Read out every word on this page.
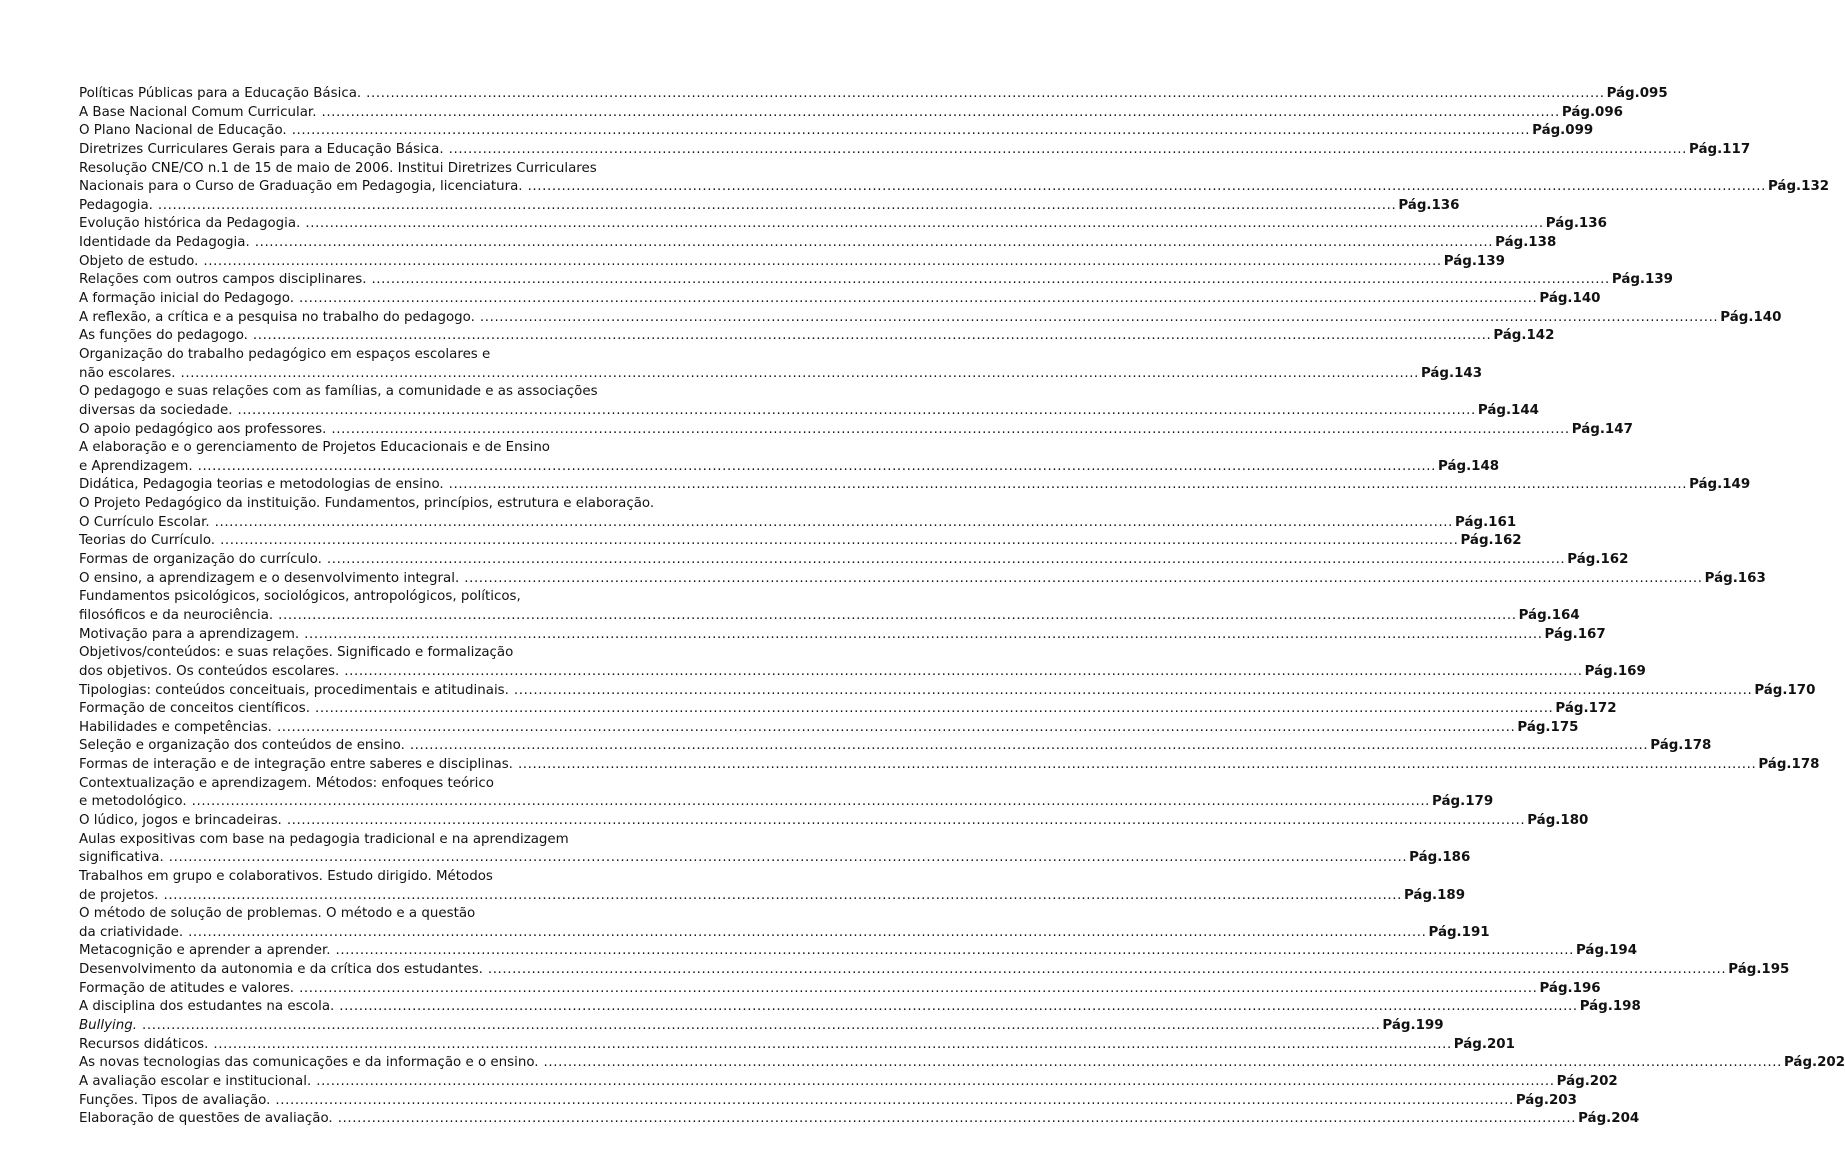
Políticas Públicas para a Educação Básica. .....	Pág.095
A Base Nacional Comum Curricular. .....	Pág.096
O Plano Nacional de Educação. .....	Pág.099
Diretrizes Curriculares Gerais para a Educação Básica. .....	Pág.117
Resolução CNE/CO n.1 de 15 de maio de 2006. Institui Diretrizes Curriculares
Nacionais para o Curso de Graduação em Pedagogia, licenciatura. .....	Pág.132
Pedagogia. .....	Pág.136
Evolução histórica da Pedagogia. .....	Pág.136
Identidade da Pedagogia. .....	Pág.138
Objeto de estudo. .....	Pág.139
Relações com outros campos disciplinares. .....	Pág.139
A formação inicial do Pedagogo. .....	Pág.140
A reflexão, a crítica e a pesquisa no trabalho do pedagogo. .....	Pág.140
As funções do pedagogo. .....	Pág.142
Organização do trabalho pedagógico em espaços escolares e
não escolares. .....	Pág.143
O pedagogo e suas relações com as famílias, a comunidade e as associações
diversas da sociedade. .....	Pág.144
O apoio pedagógico aos professores. .....	Pág.147
A elaboração e o gerenciamento de Projetos Educacionais e de Ensino
e Aprendizagem. .....	Pág.148
Didática, Pedagogia teorias e metodologias de ensino. .....	Pág.149
O Projeto Pedagógico da instituição. Fundamentos, princípios, estrutura e elaboração.
O Currículo Escolar. .....	Pág.161
Teorias do Currículo. .....	Pág.162
Formas de organização do currículo. .....	Pág.162
O ensino, a aprendizagem e o desenvolvimento integral. .....	Pág.163
Fundamentos psicológicos, sociológicos, antropológicos, políticos,
filosóficos e da neurociência. .....	Pág.164
Motivação para a aprendizagem. .....	Pág.167
Objetivos/conteúdos: e suas relações. Significado e formalização
dos objetivos. Os conteúdos escolares. .....	Pág.169
Tipologias: conteúdos conceituais, procedimentais e atitudinais. .....	Pág.170
Formação de conceitos científicos. .....	Pág.172
Habilidades e competências. .....	Pág.175
Seleção e organização dos conteúdos de ensino. .....	Pág.178
Formas de interação e de integração entre saberes e disciplinas. .....	Pág.178
Contextualização e aprendizagem. Métodos: enfoques teórico
e metodológico. .....	Pág.179
O lúdico, jogos e brincadeiras. .....	Pág.180
Aulas expositivas com base na pedagogia tradicional e na aprendizagem
significativa. .....	Pág.186
Trabalhos em grupo e colaborativos. Estudo dirigido. Métodos
de projetos. .....	Pág.189
O método de solução de problemas. O método e a questão
da criatividade. .....	Pág.191
Metacognição e aprender a aprender. .....	Pág.194
Desenvolvimento da autonomia e da crítica dos estudantes. .....	Pág.195
Formação de atitudes e valores. .....	Pág.196
A disciplina dos estudantes na escola. .....	Pág.198
Bullying. .....	Pág.199
Recursos didáticos. .....	Pág.201
As novas tecnologias das comunicações e da informação e o ensino. .....	Pág.202
A avaliação escolar e institucional. .....	Pág.202
Funções. Tipos de avaliação. .....	Pág.203
Elaboração de questões de avaliação. .....	Pág.204
